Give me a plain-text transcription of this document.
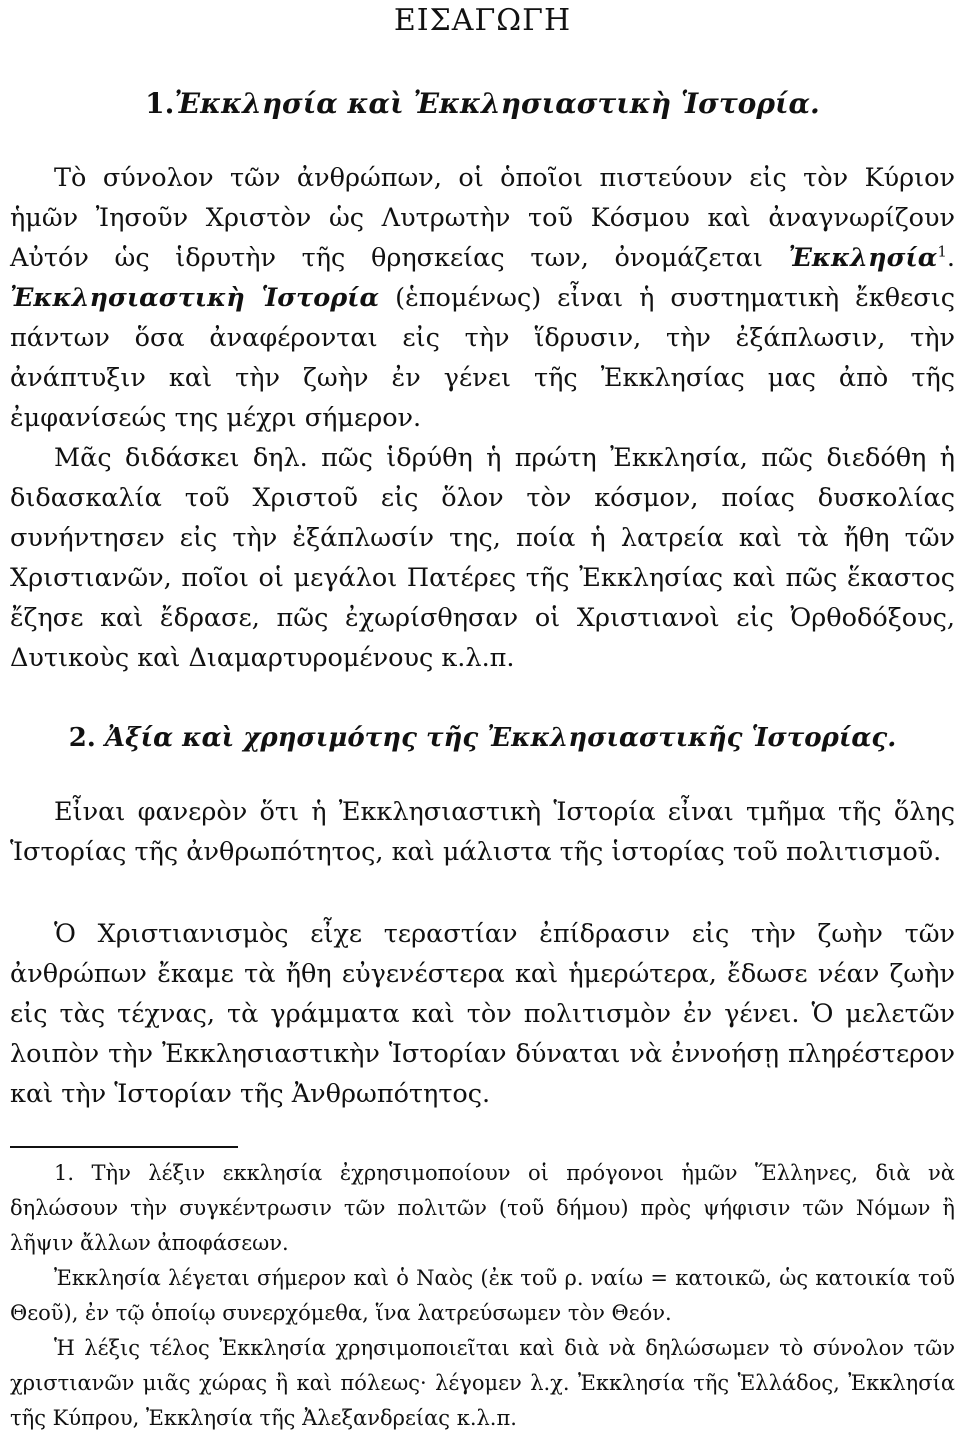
ΕΙΣΑΓΩΓΗ
1.Ἐκκλησία καὶ Ἐκκλησιαστικὴ Ἱστορία.

Τὸ σύνολον τῶν ἀνθρώπων, οἱ ὁποῖοι πιστεύουν εἰς τὸν Κύριον ἡμῶν Ἰησοῦν Χριστὸν ὡς Λυτρωτὴν τοῦ Κόσμου καὶ ἀναγνωρίζουν Αὐτόν ὡς ἱδρυτὴν τῆς θρησκείας των, ὀνομάζεται Ἐκκλησία$^1$. Ἐκκλησιαστικὴ Ἱστορία (ἑπομένως) εἶναι ἡ συστηματικὴ ἔκθεσις πάντων ὅσα ἀναφέρονται εἰς τὴν ἵδρυσιν, τὴν ἐξάπλωσιν, τὴν ἀνάπτυξιν καὶ τὴν ζωὴν ἐν γένει τῆς Ἐκκλησίας μας ἀπὸ τῆς ἐμφανίσεώς της μέχρι σήμερον.

Μᾶς διδάσκει δηλ. πῶς ἱδρύθη ἡ πρώτη Ἐκκλησία, πῶς διεδόθη ἡ διδασκαλία τοῦ Χριστοῦ εἰς ὅλον τὸν κόσμον, ποίας δυσκολίας συνήντησεν εἰς τὴν ἐξάπλωσίν της, ποία ἡ λατρεία καὶ τὰ ἤθη τῶν Χριστιανῶν, ποῖοι οἱ μεγάλοι Πατέρες τῆς Ἐκκλησίας καὶ πῶς ἕκαστος ἔζησε καὶ ἔδρασε, πῶς ἐχωρίσθησαν οἱ Χριστιανοὶ εἰς Ὀρθοδόξους, Δυτικοὺς καὶ Διαμαρτυρομένους κ.λ.π.

2. Ἀξία καὶ χρησιμότης τῆς Ἐκκλησιαστικῆς Ἱστορίας.

Εἶναι φανερὸν ὅτι ἡ Ἐκκλησιαστικὴ Ἱστορία εἶναι τμῆμα τῆς ὅλης Ἱστορίας τῆς ἀνθρωπότητος, καὶ μάλιστα τῆς ἱστορίας τοῦ πολιτισμοῦ.

Ὁ Χριστιανισμὸς εἶχε τεραστίαν ἐπίδρασιν εἰς τὴν ζωὴν τῶν ἀνθρώπων ἔκαμε τὰ ἤθη εὐγενέστερα καὶ ἡμερώτερα, ἔδωσε νέαν ζωὴν εἰς τὰς τέχνας, τὰ γράμματα καὶ τὸν πολιτισμὸν ἐν γένει. Ὁ μελετῶν λοιπὸν τὴν Ἐκκλησιαστικὴν Ἱστορίαν δύναται νὰ ἐννοήσῃ πληρέστερον καὶ τὴν Ἱστορίαν τῆς Ἀνθρωπότητος.

1. Τὴν λέξιν εκκλησία ἐχρησιμοποίουν οἱ πρόγονοι ἡμῶν Ἕλληνες, διὰ νὰ δηλώσουν τὴν συγκέντρωσιν τῶν πολιτῶν (τοῦ δήμου) πρὸς ψήφισιν τῶν Νόμων ἢ λῆψιν ἄλλων ἀποφάσεων.

Ἐκκλησία λέγεται σήμερον καὶ ὁ Ναὸς (ἐκ τοῦ ρ. ναίω = κατοικῶ, ὡς κατοικία τοῦ Θεοῦ), ἐν τῷ ὁποίῳ συνερχόμεθα, ἵνα λατρεύσωμεν τὸν Θεόν.

Ἡ λέξις τέλος Ἐκκλησία χρησιμοποιεῖται καὶ διὰ νὰ δηλώσωμεν τὸ σύνολον τῶν χριστιανῶν μιᾶς χώρας ἢ καὶ πόλεως· λέγομεν λ.χ. Ἐκκλησία τῆς Ἑλλάδος, Ἐκκλησία τῆς Κύπρου, Ἐκκλησία τῆς Ἀλεξανδρείας κ.λ.π.
